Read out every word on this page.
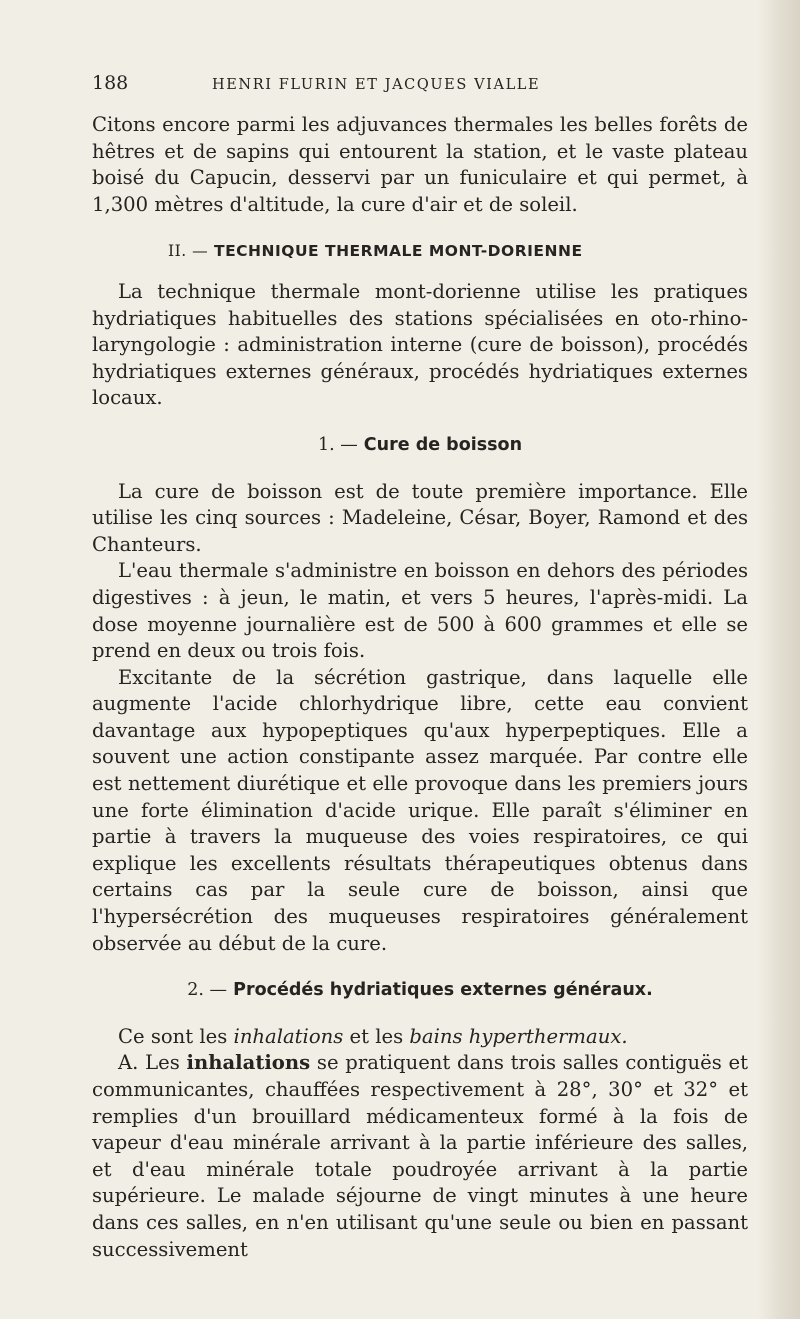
188	HENRI FLURIN ET JACQUES VIALLE

Citons encore parmi les adjuvances thermales les belles forêts de hêtres et de sapins qui entourent la station, et le vaste plateau boisé du Capucin, desservi par un funiculaire et qui permet, à 1,300 mètres d'altitude, la cure d'air et de soleil.

II. — TECHNIQUE THERMALE MONT-DORIENNE

La technique thermale mont-dorienne utilise les pratiques hydriatiques habituelles des stations spécialisées en oto-rhino-laryngologie : administration interne (cure de boisson), procédés hydriatiques externes généraux, procédés hydriatiques externes locaux.

1. — Cure de boisson

La cure de boisson est de toute première importance. Elle utilise les cinq sources : Madeleine, César, Boyer, Ramond et des Chanteurs.

L'eau thermale s'administre en boisson en dehors des périodes digestives : à jeun, le matin, et vers 5 heures, l'après-midi. La dose moyenne journalière est de 500 à 600 grammes et elle se prend en deux ou trois fois.

Excitante de la sécrétion gastrique, dans laquelle elle augmente l'acide chlorhydrique libre, cette eau convient davantage aux hypopeptiques qu'aux hyperpeptiques. Elle a souvent une action constipante assez marquée. Par contre elle est nettement diurétique et elle provoque dans les premiers jours une forte élimination d'acide urique. Elle paraît s'éliminer en partie à travers la muqueuse des voies respiratoires, ce qui explique les excellents résultats thérapeutiques obtenus dans certains cas par la seule cure de boisson, ainsi que l'hypersécrétion des muqueuses respiratoires généralement observée au début de la cure.

2. — Procédés hydriatiques externes généraux.

Ce sont les inhalations et les bains hyperthermaux.

A. Les inhalations se pratiquent dans trois salles contiguës et communicantes, chauffées respectivement à 28°, 30° et 32° et remplies d'un brouillard médicamenteux formé à la fois de vapeur d'eau minérale arrivant à la partie inférieure des salles, et d'eau minérale totale poudroyée arrivant à la partie supérieure. Le malade séjourne de vingt minutes à une heure dans ces salles, en n'en utilisant qu'une seule ou bien en passant successivement
